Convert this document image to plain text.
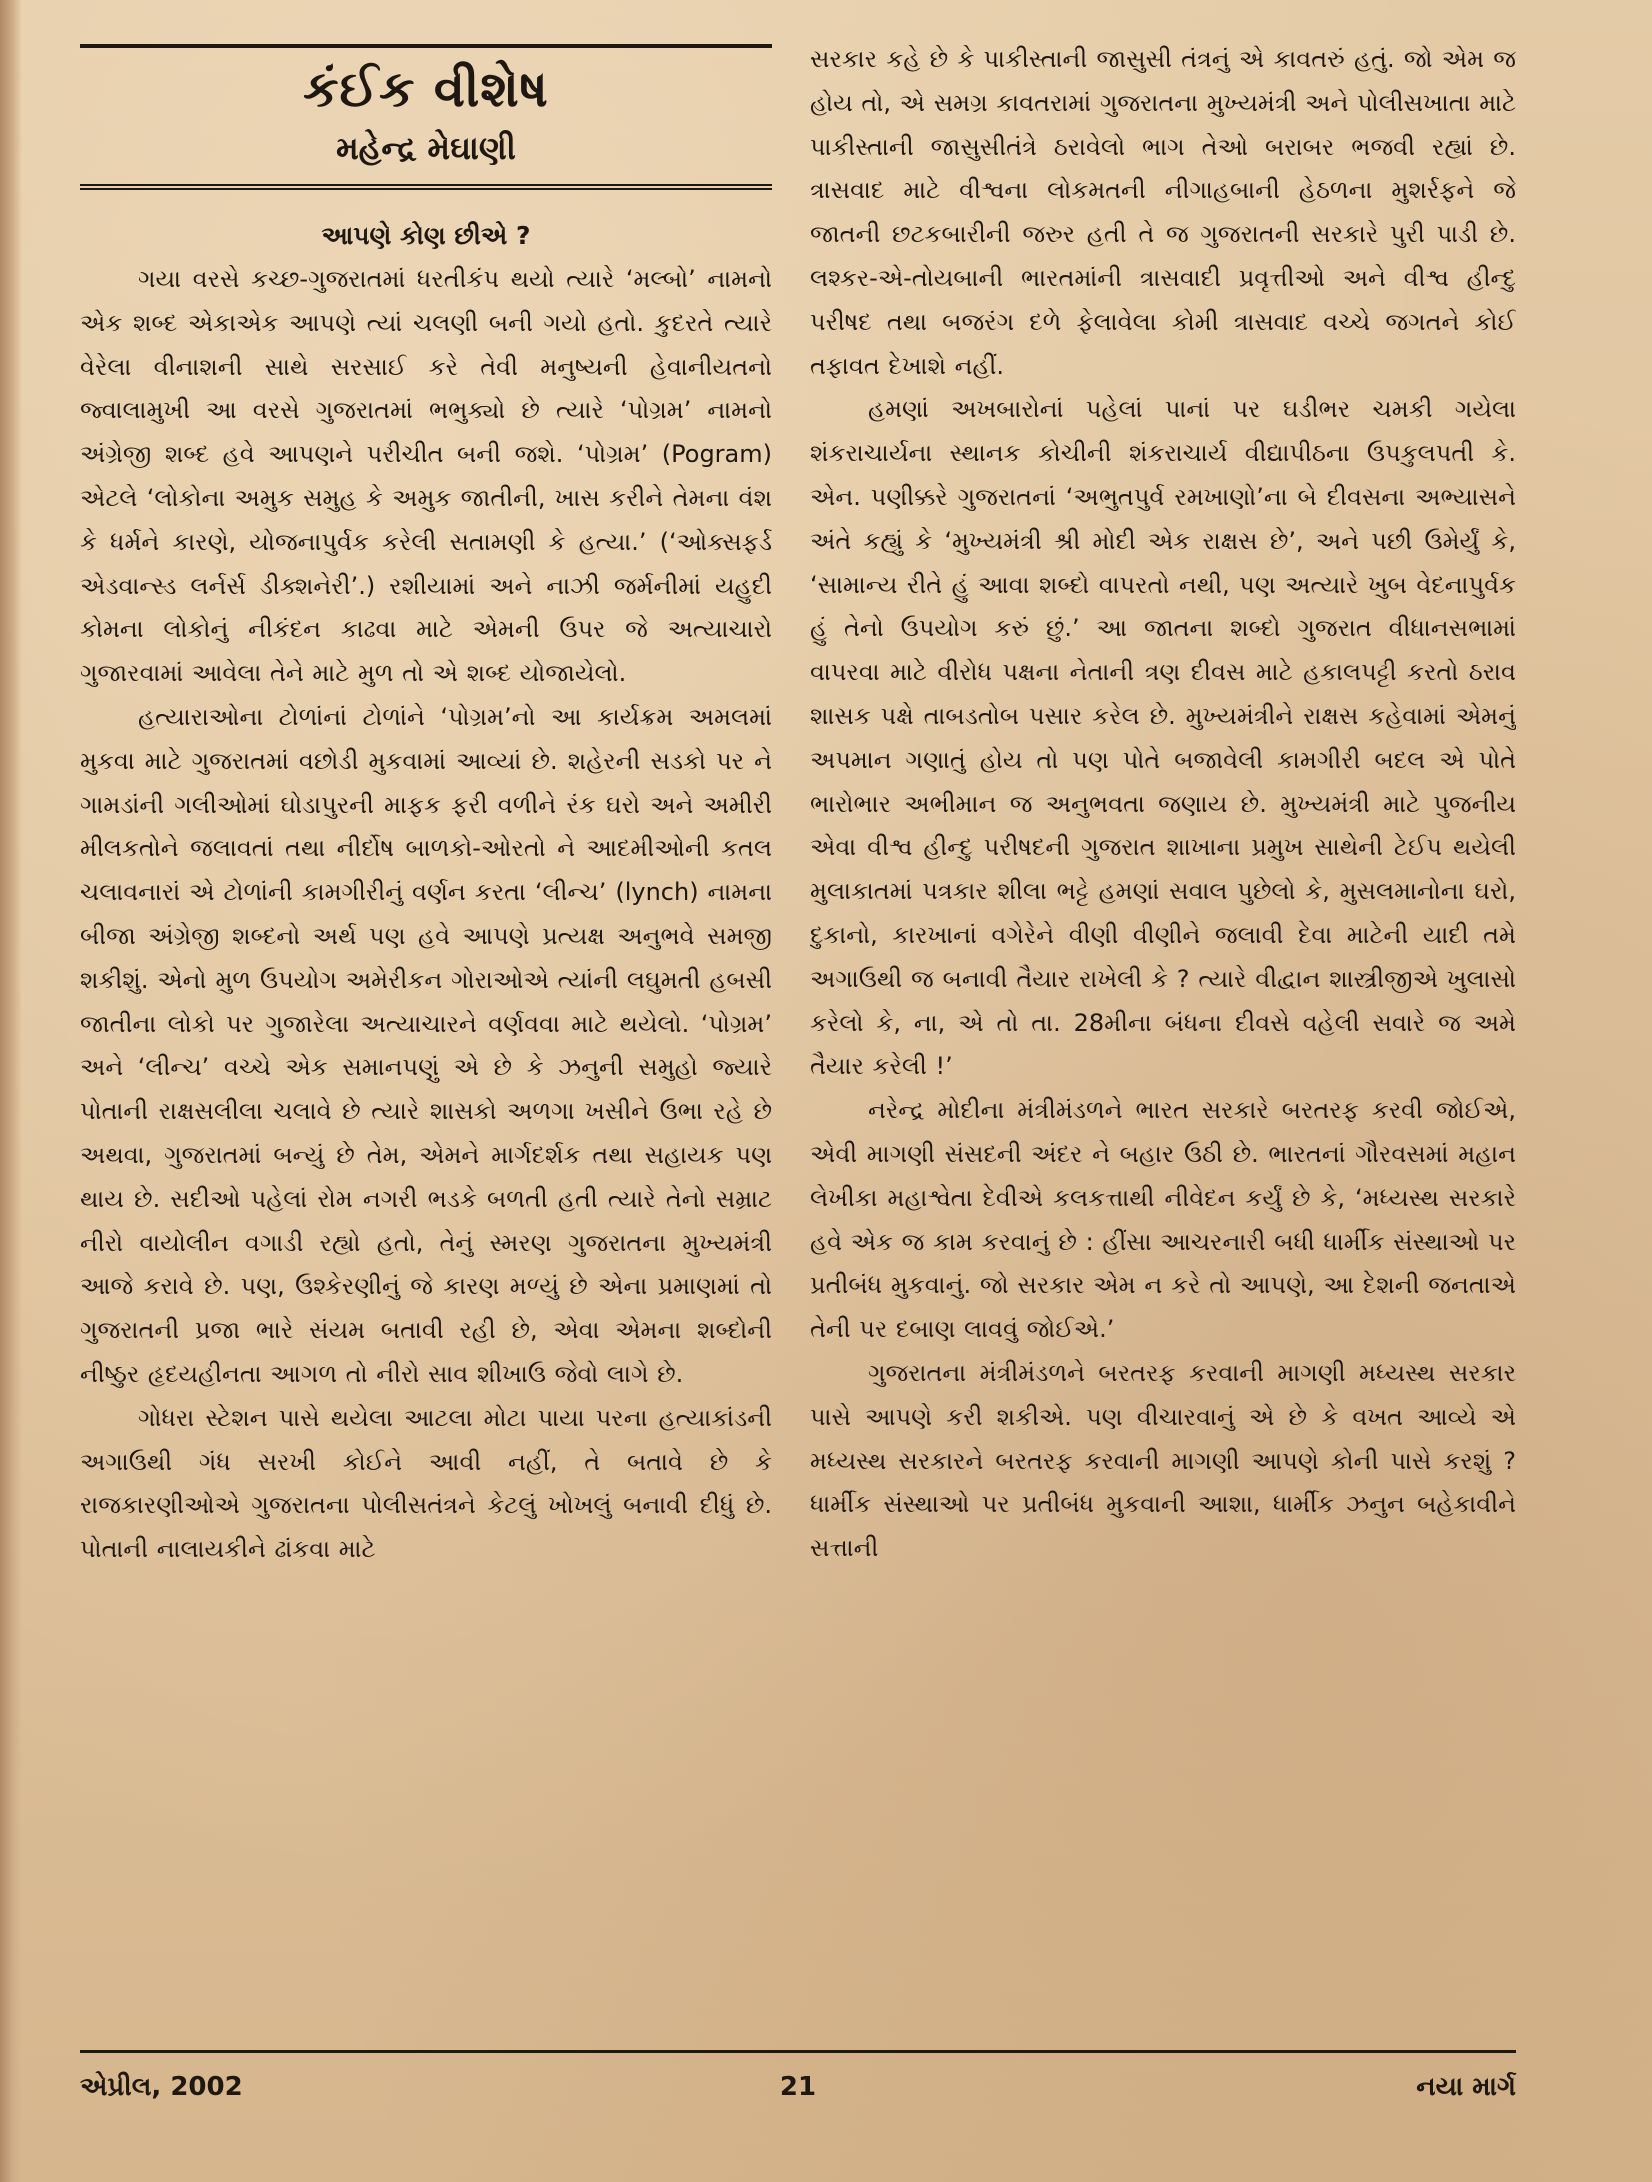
કંઈક વીશેષ
મહેન્દ્ર મેઘાણી
આપણે કોણ છીએ ?

ગયા વરસે કચ્છ-ગુજરાતમાં ધરતીકંપ થયો ત્યારે ‘મલ્બો’ નામનો એક શબ્દ એકાએક આપણે ત્યાં ચલણી બની ગયો હતો. કુદરતે ત્યારે વેરેલા વીનાશની સાથે સરસાઈ કરે તેવી મનુષ્યની હેવાનીયતનો જ્વાલામુખી આ વરસે ગુજરાતમાં ભભુક્યો છે ત્યારે ‘પોગ્રમ’ નામનો અંગ્રેજી શબ્દ હવે આપણને પરીચીત બની જશે. ‘પોગ્રમ’ (Pogram) એટલે ‘લોકોના અમુક સમુહ કે અમુક જાતીની, ખાસ કરીને તેમના વંશ કે ધર્મને કારણે, યોજનાપુર્વક કરેલી સતામણી કે હત્યા.’ (‘ઓક્સફર્ડ એડવાન્સ્ડ લર્નર્સ ડીક્શનેરી’.) રશીયામાં અને નાઝી જર્મનીમાં યહુદી કોમના લોકોનું નીકંદન કાઢવા માટે એમની ઉપર જે અત્યાચારો ગુજારવામાં આવેલા તેને માટે મુળ તો એ શબ્દ યોજાયેલો.

હત્યારાઓના ટોળાંનાં ટોળાંને ‘પોગ્રમ’નો આ કાર્યક્રમ અમલમાં મુકવા માટે ગુજરાતમાં વછોડી મુકવામાં આવ્યાં છે. શહેરની સડકો પર ને ગામડાંની ગલીઓમાં ઘોડાપુરની માફક ફરી વળીને રંક ઘરો અને અમીરી મીલકતોને જલાવતાં તથા નીર્દોષ બાળકો-ઓરતો ને આદમીઓની કતલ ચલાવનારાં એ ટોળાંની કામગીરીનું વર્ણન કરતા ‘લીન્ચ’ (lynch) નામના બીજા અંગ્રેજી શબ્દનો અર્થ પણ હવે આપણે પ્રત્યક્ષ અનુભવે સમજી શકીશું. એનો મુળ ઉપયોગ અમેરીકન ગોરાઓએ ત્યાંની લઘુમતી હબસી જાતીના લોકો પર ગુજારેલા અત્યાચારને વર્ણવવા માટે થયેલો. ‘પોગ્રમ’ અને ‘લીન્ચ’ વચ્ચે એક સમાનપણું એ છે કે ઝનુની સમુહો જ્યારે પોતાની રાક્ષસલીલા ચલાવે છે ત્યારે શાસકો અળગા ખસીને ઉભા રહે છે અથવા, ગુજરાતમાં બન્યું છે તેમ, એમને માર્ગદર્શક તથા સહાયક પણ થાય છે. સદીઓ પહેલાં રોમ નગરી ભડકે બળતી હતી ત્યારે તેનો સમ્રાટ નીરો વાયોલીન વગાડી રહ્યો હતો, તેનું સ્મરણ ગુજરાતના મુખ્યમંત્રી આજે કરાવે છે. પણ, ઉશ્કેરણીનું જે કારણ મળ્યું છે એના પ્રમાણમાં તો ગુજરાતની પ્રજા ભારે સંયમ બતાવી રહી છે, એવા એમના શબ્દોની નીષ્ઠુર હૃદયહીનતા આગળ તો નીરો સાવ શીખાઉ જેવો લાગે છે.

ગોધરા સ્ટેશન પાસે થયેલા આટલા મોટા પાયા પરના હત્યાકાંડની અગાઉથી ગંધ સરખી કોઈને આવી નહીં, તે બતાવે છે કે રાજકારણીઓએ ગુજરાતના પોલીસતંત્રને કેટલું ખોખલું બનાવી દીધું છે. પોતાની નાલાયકીને ઢાંકવા માટે

સરકાર કહે છે કે પાકીસ્તાની જાસુસી તંત્રનું એ કાવતરું હતું. જો એમ જ હોય તો, એ સમગ્ર કાવતરામાં ગુજરાતના મુખ્યમંત્રી અને પોલીસખાતા માટે પાકીસ્તાની જાસુસીતંત્રે ઠરાવેલો ભાગ તેઓ બરાબર ભજવી રહ્યાં છે. ત્રાસવાદ માટે વીશ્વના લોકમતની નીગાહબાની હેઠળના મુશર્રફને જે જાતની છટકબારીની જરુર હતી તે જ ગુજરાતની સરકારે પુરી પાડી છે. લશ્કર-એ-તોયબાની ભારતમાંની ત્રાસવાદી પ્રવૃત્તીઓ અને વીશ્વ હીન્દુ પરીષદ તથા બજરંગ દળે ફેલાવેલા કોમી ત્રાસવાદ વચ્ચે જગતને કોઈ તફાવત દેખાશે નહીં.

હમણાં અખબારોનાં પહેલાં પાનાં પર ઘડીભર ચમકી ગયેલા શંકરાચાર્યના સ્થાનક કોચીની શંકરાચાર્ય વીદ્યાપીઠના ઉપકુલપતી કે. એન. પણીક્કરે ગુજરાતનાં ‘અભુતપુર્વ રમખાણો’ના બે દીવસના અભ્યાસને અંતે કહ્યું કે ‘મુખ્યમંત્રી શ્રી મોદી એક રાક્ષસ છે’, અને પછી ઉમેર્યું કે, ‘સામાન્ય રીતે હું આવા શબ્દો વાપરતો નથી, પણ અત્યારે ખુબ વેદનાપુર્વક હું તેનો ઉપયોગ કરું છું.’ આ જાતના શબ્દો ગુજરાત વીધાનસભામાં વાપરવા માટે વીરોધ પક્ષના નેતાની ત્રણ દીવસ માટે હકાલપટ્ટી કરતો ઠરાવ શાસક પક્ષે તાબડતોબ પસાર કરેલ છે. મુખ્યમંત્રીને રાક્ષસ કહેવામાં એમનું અપમાન ગણાતું હોય તો પણ પોતે બજાવેલી કામગીરી બદલ એ પોતે ભારોભાર અભીમાન જ અનુભવતા જણાય છે. મુખ્યમંત્રી માટે પુજનીય એવા વીશ્વ હીન્દુ પરીષદની ગુજરાત શાખાના પ્રમુખ સાથેની ટેઈપ થયેલી મુલાકાતમાં પત્રકાર શીલા ભટ્ટે હમણાં સવાલ પુછેલો કે, મુસલમાનોના ઘરો, દુકાનો, કારખાનાં વગેરેને વીણી વીણીને જલાવી દેવા માટેની યાદી તમે અગાઉથી જ બનાવી તૈયાર રાખેલી કે ? ત્યારે વીદ્વાન શાસ્ત્રીજીએ ખુલાસો કરેલો કે, ના, એ તો તા. 28મીના બંધના દીવસે વહેલી સવારે જ અમે તૈયાર કરેલી !’

નરેન્દ્ર મોદીના મંત્રીમંડળને ભારત સરકારે બરતરફ કરવી જોઈએ, એવી માગણી સંસદની અંદર ને બહાર ઉઠી છે. ભારતનાં ગૌરવસમાં મહાન લેખીકા મહાશ્વેતા દેવીએ કલકત્તાથી નીવેદન કર્યું છે કે, ‘મધ્યસ્થ સરકારે હવે એક જ કામ કરવાનું છે : હીંસા આચરનારી બધી ધાર્મીક સંસ્થાઓ પર પ્રતીબંધ મુકવાનું. જો સરકાર એમ ન કરે તો આપણે, આ દેશની જનતાએ તેની પર દબાણ લાવવું જોઈએ.’

ગુજરાતના મંત્રીમંડળને બરતરફ કરવાની માગણી મધ્યસ્થ સરકાર પાસે આપણે કરી શકીએ. પણ વીચારવાનું એ છે કે વખત આવ્યે એ મધ્યસ્થ સરકારને બરતરફ કરવાની માગણી આપણે કોની પાસે કરશું ? ધાર્મીક સંસ્થાઓ પર પ્રતીબંધ મુકવાની આશા, ધાર્મીક ઝનુન બહેકાવીને સત્તાની

એપ્રીલ, 2002	21	નયા માર્ગ
